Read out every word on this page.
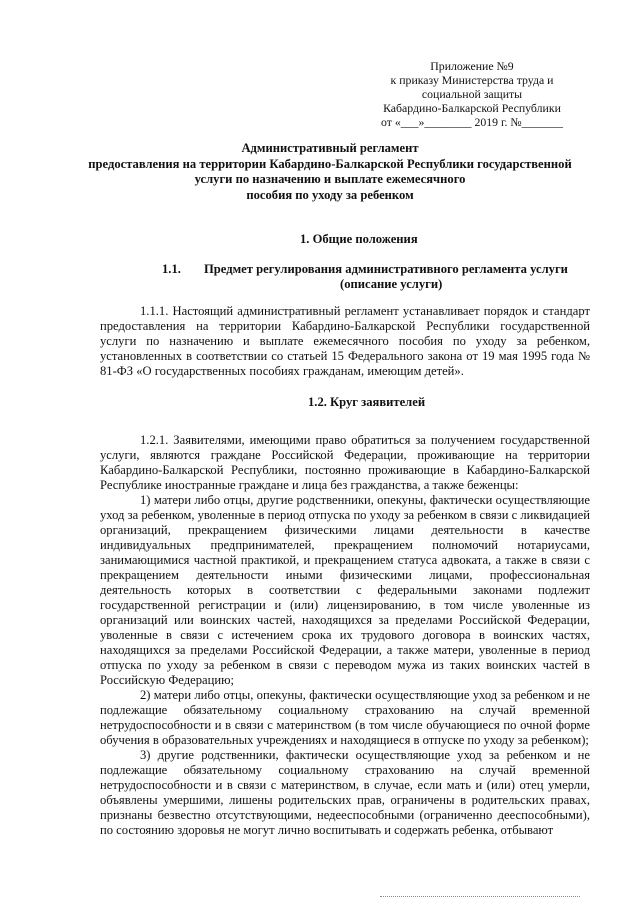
Приложение №9
к приказу Министерства труда и
социальной защиты
Кабардино-Балкарской Республики
от «___»________ 2019 г. №_______
Административный регламент
предоставления на территории Кабардино-Балкарской Республики государственной
услуги по назначению и выплате ежемесячного
пособия по уходу за ребенком
1. Общие положения
1.1. Предмет регулирования административного регламента услуги
(описание услуги)

1.1.1. Настоящий административный регламент устанавливает порядок и стандарт предоставления на территории Кабардино-Балкарской Республики государственной услуги по назначению и выплате ежемесячного пособия по уходу за ребенком, установленных в соответствии со статьей 15 Федерального закона от 19 мая 1995 года № 81-ФЗ «О государственных пособиях гражданам, имеющим детей».

1.2. Круг заявителей

1.2.1. Заявителями, имеющими право обратиться за получением государственной услуги, являются граждане Российской Федерации, проживающие на территории Кабардино-Балкарской Республики, постоянно проживающие в Кабардино-Балкарской Республике иностранные граждане и лица без гражданства, а также беженцы:

1) матери либо отцы, другие родственники, опекуны, фактически осуществляющие уход за ребенком, уволенные в период отпуска по уходу за ребенком в связи с ликвидацией организаций, прекращением физическими лицами деятельности в качестве индивидуальных предпринимателей, прекращением полномочий нотариусами, занимающимися частной практикой, и прекращением статуса адвоката, а также в связи с прекращением деятельности иными физическими лицами, профессиональная деятельность которых в соответствии с федеральными законами подлежит государственной регистрации и (или) лицензированию, в том числе уволенные из организаций или воинских частей, находящихся за пределами Российской Федерации, уволенные в связи с истечением срока их трудового договора в воинских частях, находящихся за пределами Российской Федерации, а также матери, уволенные в период отпуска по уходу за ребенком в связи с переводом мужа из таких воинских частей в Российскую Федерацию;

2) матери либо отцы, опекуны, фактически осуществляющие уход за ребенком и не подлежащие обязательному социальному страхованию на случай временной нетрудоспособности и в связи с материнством (в том числе обучающиеся по очной форме обучения в образовательных учреждениях и находящиеся в отпуске по уходу за ребенком);

3) другие родственники, фактически осуществляющие уход за ребенком и не подлежащие обязательному социальному страхованию на случай временной нетрудоспособности и в связи с материнством, в случае, если мать и (или) отец умерли, объявлены умершими, лишены родительских прав, ограничены в родительских правах, признаны безвестно отсутствующими, недееспособными (ограниченно дееспособными), по состоянию здоровья не могут лично воспитывать и содержать ребенка, отбывают
